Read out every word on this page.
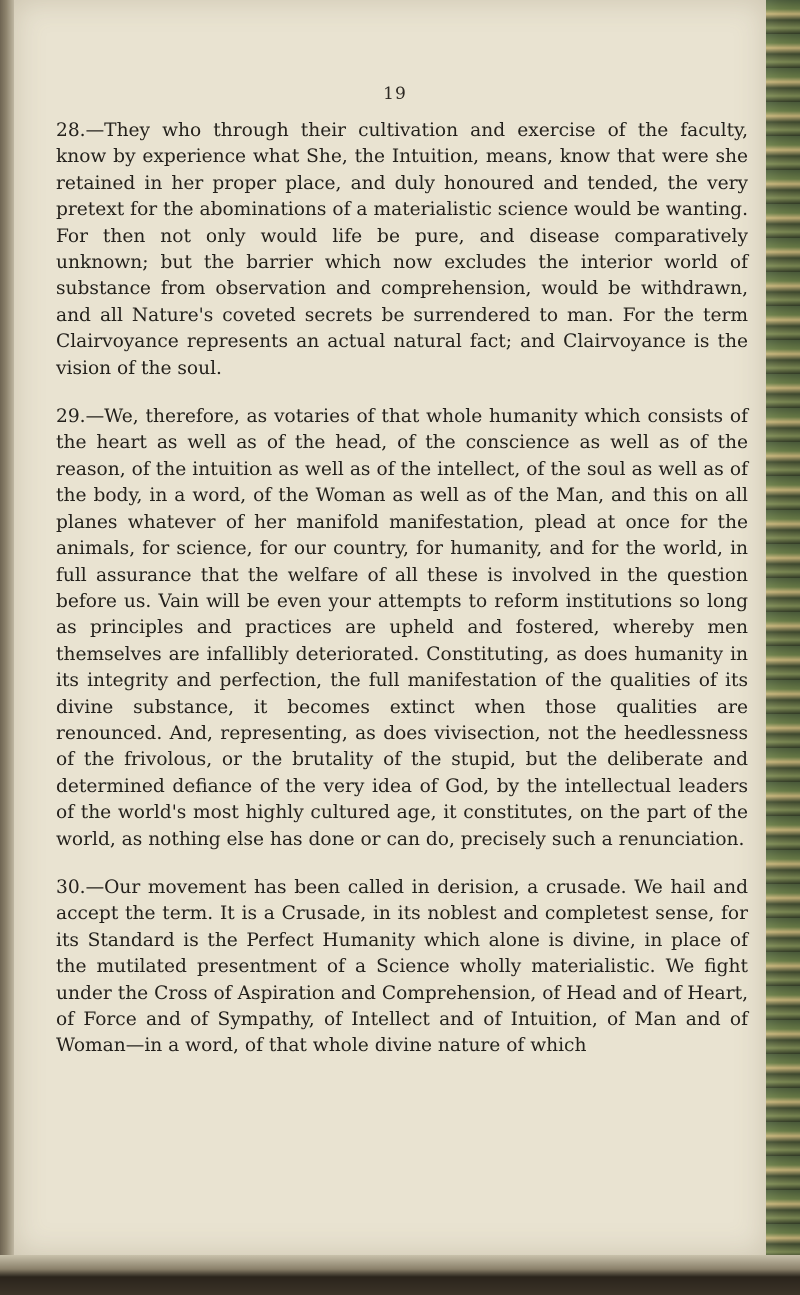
19

28.—They who through their cultivation and exercise of the faculty, know by experience what She, the Intuition, means, know that were she retained in her proper place, and duly honoured and tended, the very pretext for the abominations of a materialistic science would be wanting. For then not only would life be pure, and disease comparatively unknown; but the barrier which now excludes the interior world of substance from observation and comprehension, would be withdrawn, and all Nature's coveted secrets be surrendered to man. For the term Clairvoyance represents an actual natural fact; and Clairvoyance is the vision of the soul.

29.—We, therefore, as votaries of that whole humanity which consists of the heart as well as of the head, of the conscience as well as of the reason, of the intuition as well as of the intellect, of the soul as well as of the body, in a word, of the Woman as well as of the Man, and this on all planes whatever of her manifold manifestation, plead at once for the animals, for science, for our country, for humanity, and for the world, in full assurance that the welfare of all these is involved in the question before us. Vain will be even your attempts to reform institutions so long as principles and practices are upheld and fostered, whereby men themselves are infallibly deteriorated. Constituting, as does humanity in its integrity and perfection, the full manifestation of the qualities of its divine substance, it becomes extinct when those qualities are renounced. And, representing, as does vivisection, not the heedlessness of the frivolous, or the brutality of the stupid, but the deliberate and determined defiance of the very idea of God, by the intellectual leaders of the world's most highly cultured age, it constitutes, on the part of the world, as nothing else has done or can do, precisely such a renunciation.

30.—Our movement has been called in derision, a crusade. We hail and accept the term. It is a Crusade, in its noblest and completest sense, for its Standard is the Perfect Humanity which alone is divine, in place of the mutilated presentment of a Science wholly materialistic. We fight under the Cross of Aspiration and Comprehension, of Head and of Heart, of Force and of Sympathy, of Intellect and of Intuition, of Man and of Woman—in a word, of that whole divine nature of which
